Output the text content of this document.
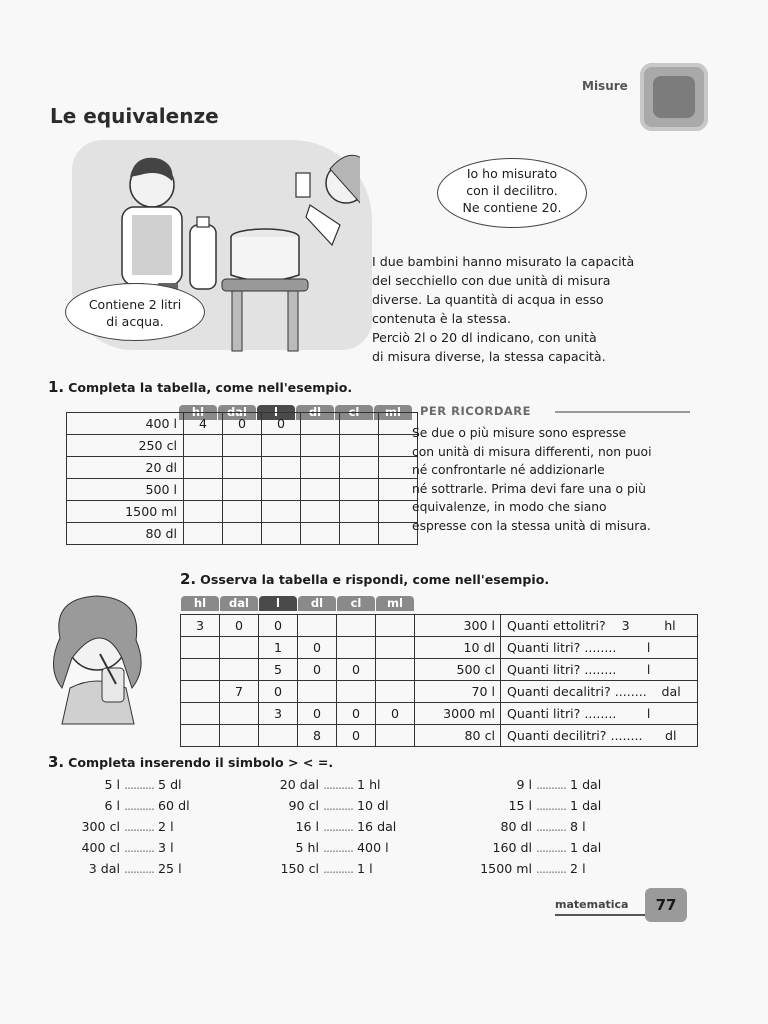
Misure
Le equivalenze
Io ho misurato
con il decilitro.
Ne contiene 20.
Contiene 2 litri
di acqua.
I due bambini hanno misurato la capacità
del secchiello con due unità di misura
diverse. La quantità di acqua in esso
contenuta è la stessa.
Perciò 2l o 20 dl indicano, con unità
di misura diverse, la stessa capacità.
1. Completa la tabella, come nell'esempio.
hl	dal	l	dl	cl	ml
400 l	4	0	0			
250 cl						
20 dl						
500 l						
1500 ml						
80 dl						
PER RICORDARE
Se due o più misure sono espresse
con unità di misura differenti, non puoi
né confrontarle né addizionarle
né sottrarle. Prima devi fare una o più
equivalenze, in modo che siano
espresse con la stessa unità di misura.
2. Osserva la tabella e rispondi, come nell'esempio.
hl	dal	l	dl	cl	ml
3	0	0				300 l	Quanti ettolitri? 3 hl
		1	0			10 dl	Quanti litri? ........ l
		5	0	0		500 cl	Quanti litri? ........ l
	7	0				70 l	Quanti decalitri? ........ dal
		3	0	0	0	3000 ml	Quanti litri? ........ l
			8	0		80 cl	Quanti decilitri? ........ dl
3. Completa inserendo il simbolo > < =.
5 l .......... 5 dl
6 l .......... 60 dl
300 cl .......... 2 l
400 cl .......... 3 l
3 dal .......... 25 l
20 dal .......... 1 hl
90 cl .......... 10 dl
16 l .......... 16 dal
5 hl .......... 400 l
150 cl .......... 1 l
9 l .......... 1 dal
15 l .......... 1 dal
80 dl .......... 8 l
160 dl .......... 1 dal
1500 ml .......... 2 l
matematica	77
